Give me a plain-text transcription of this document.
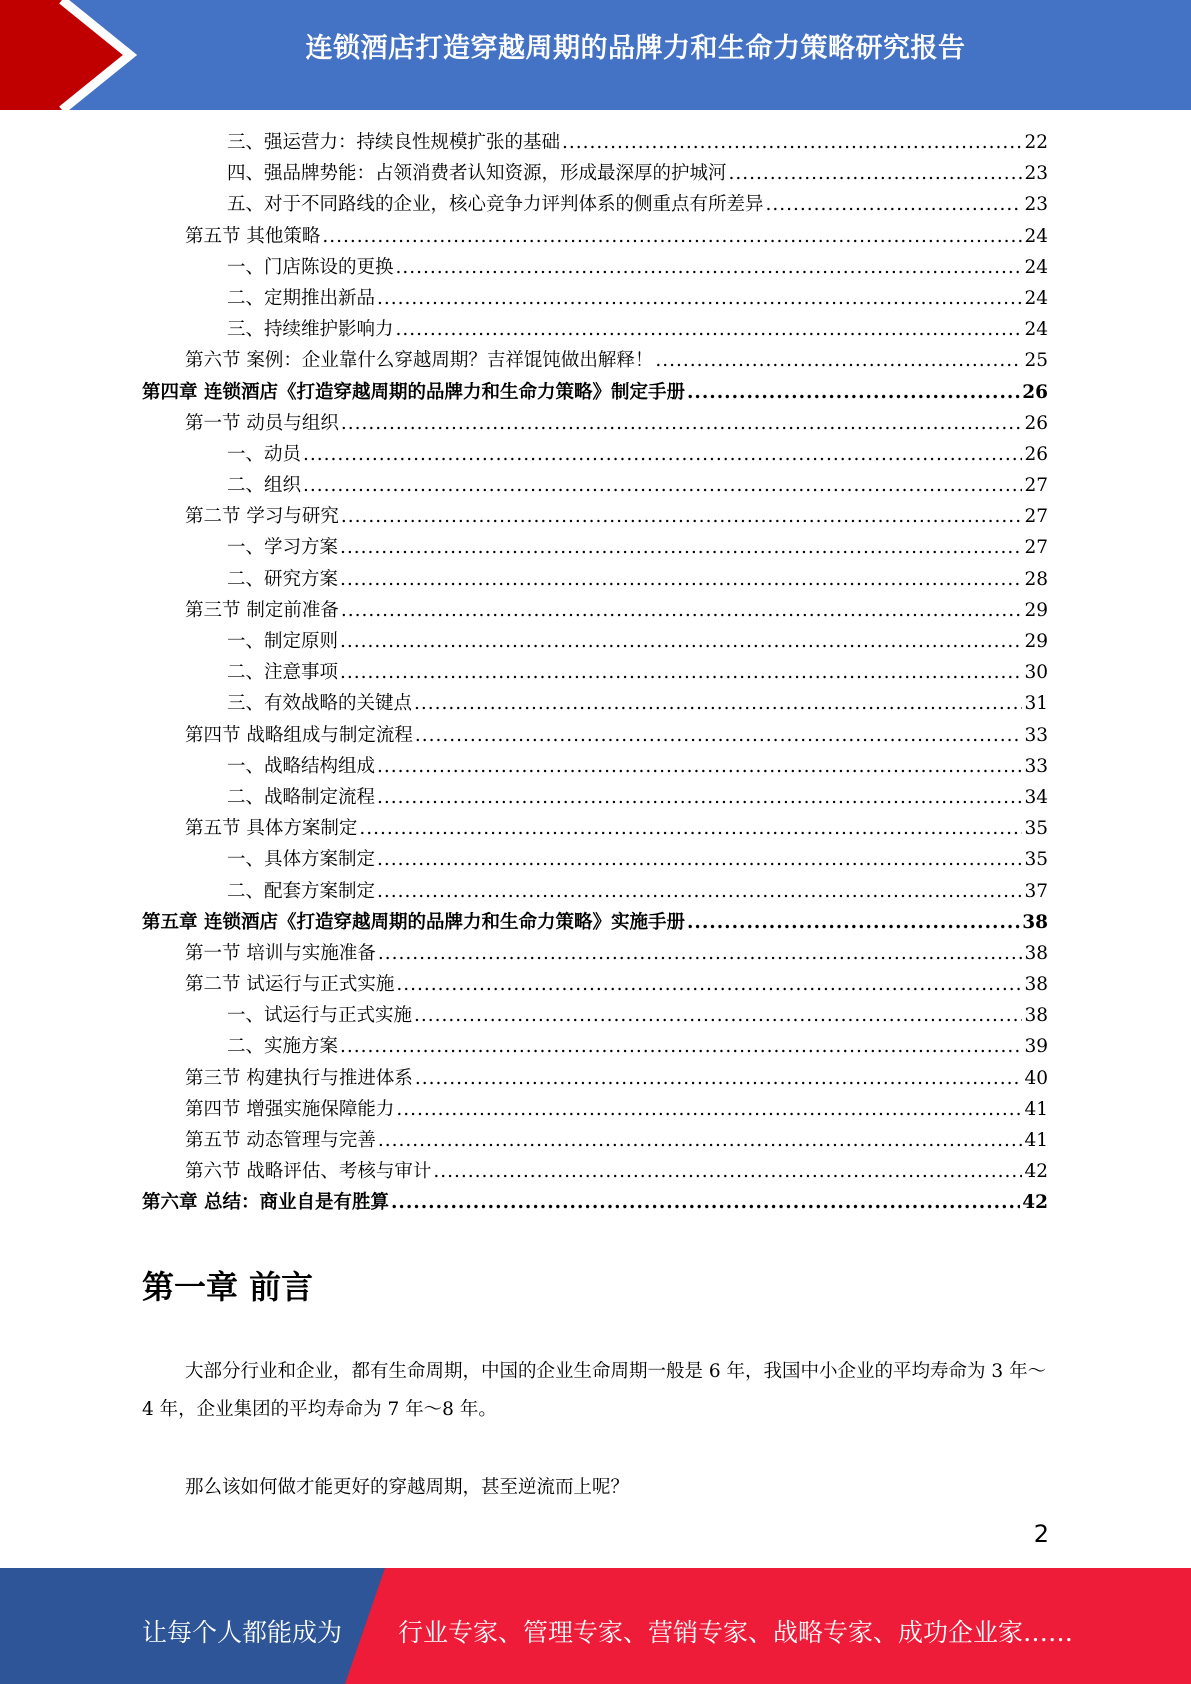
连锁酒店打造穿越周期的品牌力和生命力策略研究报告
三、强运营力：持续良性规模扩张的基础 .....	22
四、强品牌势能：占领消费者认知资源，形成最深厚的护城河 .....	23
五、对于不同路线的企业，核心竞争力评判体系的侧重点有所差异 .....	23
第五节 其他策略 .....	24
一、门店陈设的更换 .....	24
二、定期推出新品 .....	24
三、持续维护影响力 .....	24
第六节 案例：企业靠什么穿越周期？吉祥馄饨做出解释！ .....	25
第四章 连锁酒店《打造穿越周期的品牌力和生命力策略》制定手册 .....	26
第一节 动员与组织 .....	26
一、动员 .....	26
二、组织 .....	27
第二节 学习与研究 .....	27
一、学习方案 .....	27
二、研究方案 .....	28
第三节 制定前准备 .....	29
一、制定原则 .....	29
二、注意事项 .....	30
三、有效战略的关键点 .....	31
第四节 战略组成与制定流程 .....	33
一、战略结构组成 .....	33
二、战略制定流程 .....	34
第五节 具体方案制定 .....	35
一、具体方案制定 .....	35
二、配套方案制定 .....	37
第五章 连锁酒店《打造穿越周期的品牌力和生命力策略》实施手册 .....	38
第一节 培训与实施准备 .....	38
第二节 试运行与正式实施 .....	38
一、试运行与正式实施 .....	38
二、实施方案 .....	39
第三节 构建执行与推进体系 .....	40
第四节 增强实施保障能力 .....	41
第五节 动态管理与完善 .....	41
第六节 战略评估、考核与审计 .....	42
第六章 总结：商业自是有胜算 .....	42
第一章 前言
大部分行业和企业，都有生命周期，中国的企业生命周期一般是 6 年，我国中小企业的平均寿命为 3 年～4 年，企业集团的平均寿命为 7 年～8 年。
那么该如何做才能更好的穿越周期，甚至逆流而上呢？
2
让每个人都能成为 行业专家、管理专家、营销专家、战略专家、成功企业家……
